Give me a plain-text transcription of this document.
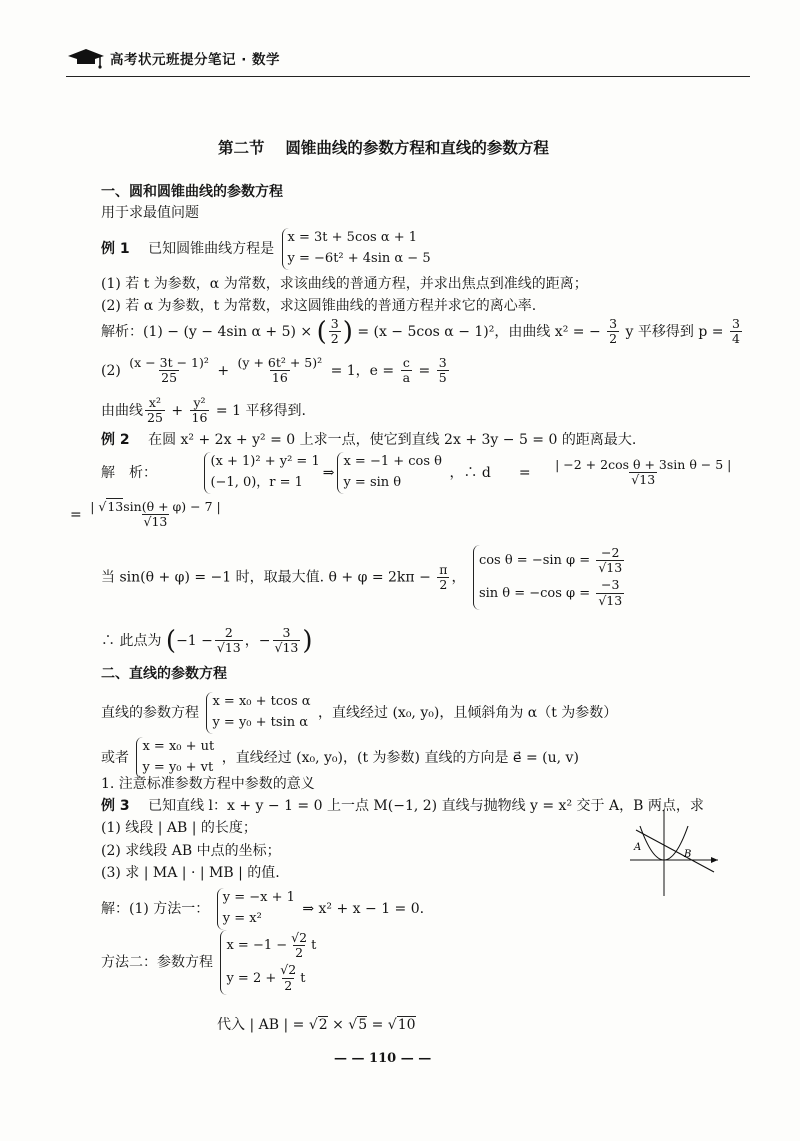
高考状元班提分笔记 · 数学
第二节　 圆锥曲线的参数方程和直线的参数方程
一、圆和圆锥曲线的参数方程
用于求最值问题
例 1 已知圆锥曲线方程是
x = 3t + 5cos α + 1
y = −6t² + 4sin α − 5
(1) 若 t 为参数，α 为常数，求该曲线的普通方程，并求出焦点到准线的距离；
(2) 若 α 为参数，t 为常数，求这圆锥曲线的普通方程并求它的离心率.
解析：(1) − (y − 4sin α + 5) × ( $\frac{3}{2}$ ) = (x − 5cos α − 1)²，由曲线 x² = − $\frac{3}{2}$ y 平移得到 $p = \frac{3}{4}$
$(2) \frac{\text{(x − 3t − 1)²}}{25} + \frac{\text{(y + 6t² + 5)²}}{16} = 1$，$e = \frac{c}{a} = \frac{3}{5}$
由曲线 $\frac{\text{x²}}{25} + \frac{\text{y²}}{16} = 1$ 平移得到.
例 2 在圆 x² + 2x + y² = 0 上求一点，使它到直线 2x + 3y − 5 = 0 的距离最大.
解　析：
(x + 1)² + y² = 1
(−1, 0)，r = 1
⇒
x = −1 + cos θ
y = sin θ
，∴ d　　= $\frac{\text{| −2 + 2cos θ + 3sin θ − 5 |}}{√13}$
= $\frac{| √13\sin(\theta + \varphi) - 7 |}{√13}$
当 sin(θ + φ) = −1 时，取最大值. $\theta + \varphi = 2k\pi - \frac{\pi}{2}$ ，
cos θ = −sin $\varphi = \frac{-2}{√13}$
sin θ = −cos $\varphi = \frac{-3}{√13}$
∴ 此点为 ($-1 - \frac{2}{√13}$ ，− $\frac{3}{√13}$ )
二、直线的参数方程
直线的参数方程
x = x₀ + tcos α
y = y₀ + tsin α
，直线经过 (x₀, y₀)，且倾斜角为 α（t 为参数）
或者
x = x₀ + ut
y = y₀ + vt
，直线经过 (x₀, y₀)，(t 为参数) 直线的方向是 e⃗ = (u, v)
1. 注意标准参数方程中参数的意义
例 3 已知直线 l：x + y − 1 = 0 上一点 M(−1, 2) 直线与抛物线 y = x² 交于 A，B 两点，求
(1) 线段 | AB | 的长度；
(2) 求线段 AB 中点的坐标；
(3) 求 | MA | · | MB | 的值.
A
B
解：(1) 方法一：
y = −x + 1
y = x²
⇒ x² + x − 1 = 0.
方法二：参数方程
$x = -1 - \frac{√2}{2}$ t
$y = 2 + \frac{√2}{2}$ t
代入 | AB | = √2 × √5 = √10
— — 110 — —
